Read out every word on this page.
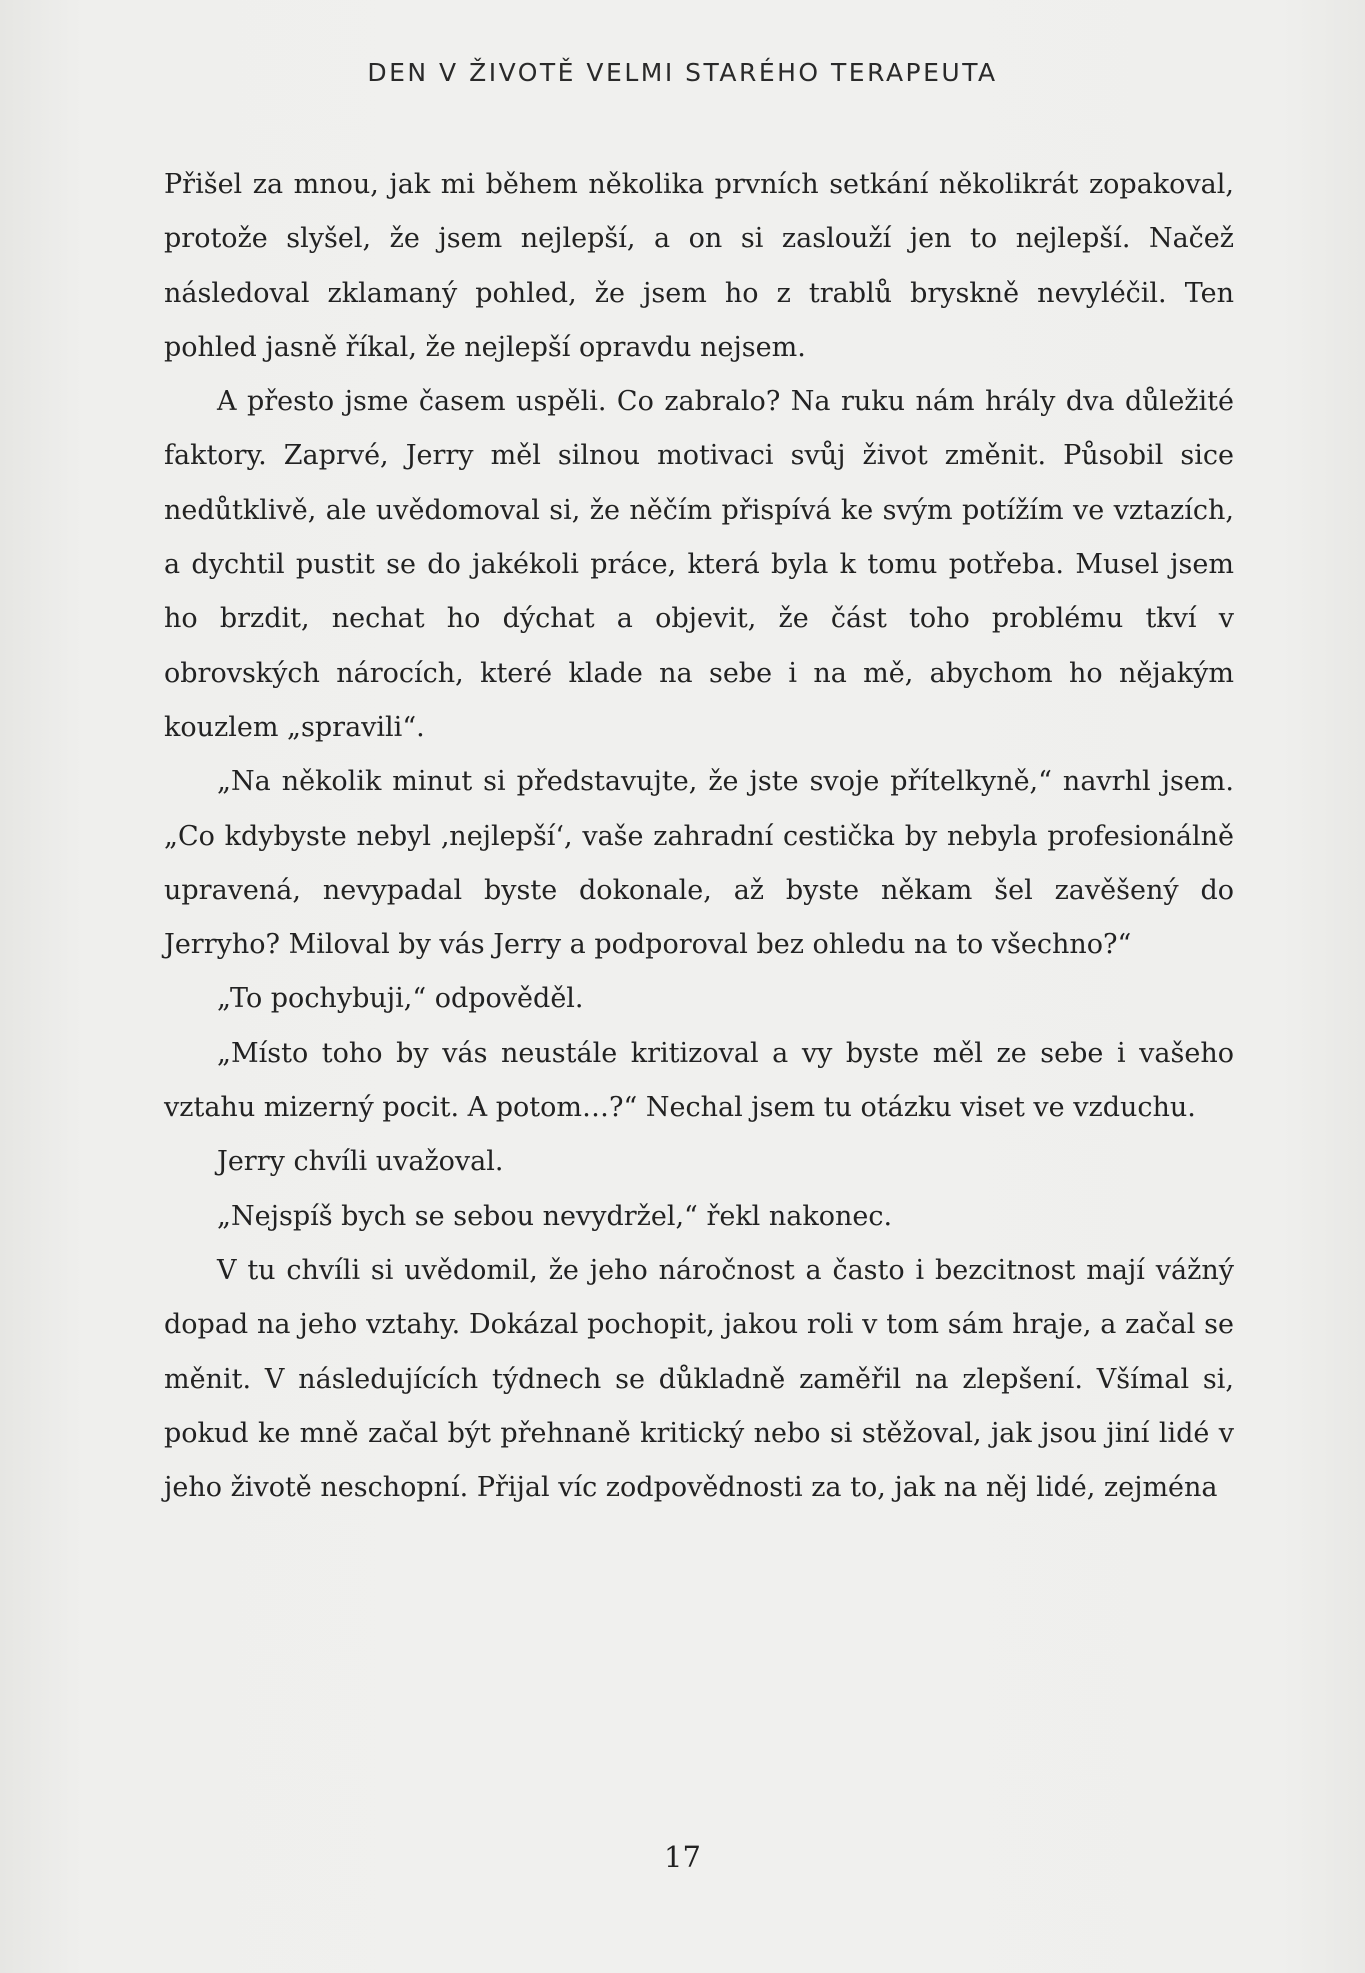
DEN V ŽIVOTĚ VELMI STARÉHO TERAPEUTA

Přišel za mnou, jak mi během několika prvních setkání několikrát zopakoval, protože slyšel, že jsem nejlepší, a on si zaslouží jen to nejlepší. Načež následoval zklamaný pohled, že jsem ho z trablů bryskně nevyléčil. Ten pohled jasně říkal, že nejlepší opravdu nejsem.

A přesto jsme časem uspěli. Co zabralo? Na ruku nám hrály dva důležité faktory. Zaprvé, Jerry měl silnou motivaci svůj život změnit. Působil sice nedůtklivě, ale uvědomoval si, že něčím přispívá ke svým potížím ve vztazích, a dychtil pustit se do jakékoli práce, která byla k tomu potřeba. Musel jsem ho brzdit, nechat ho dýchat a objevit, že část toho problému tkví v obrovských nárocích, které klade na sebe i na mě, abychom ho nějakým kouzlem „spravili“.

„Na několik minut si představujte, že jste svoje přítelkyně,“ navrhl jsem. „Co kdybyste nebyl ‚nejlepší‘, vaše zahradní cestička by nebyla profesionálně upravená, nevypadal byste dokonale, až byste někam šel zavěšený do Jerryho? Miloval by vás Jerry a podporoval bez ohledu na to všechno?“

„To pochybuji,“ odpověděl.

„Místo toho by vás neustále kritizoval a vy byste měl ze sebe i vašeho vztahu mizerný pocit. A potom…?“ Nechal jsem tu otázku viset ve vzduchu.

Jerry chvíli uvažoval.

„Nejspíš bych se sebou nevydržel,“ řekl nakonec.

V tu chvíli si uvědomil, že jeho náročnost a často i bezcitnost mají vážný dopad na jeho vztahy. Dokázal pochopit, jakou roli v tom sám hraje, a začal se měnit. V následujících týdnech se důkladně zaměřil na zlepšení. Všímal si, pokud ke mně začal být přehnaně kritický nebo si stěžoval, jak jsou jiní lidé v jeho životě neschopní. Přijal víc zodpovědnosti za to, jak na něj lidé, zejména

17
